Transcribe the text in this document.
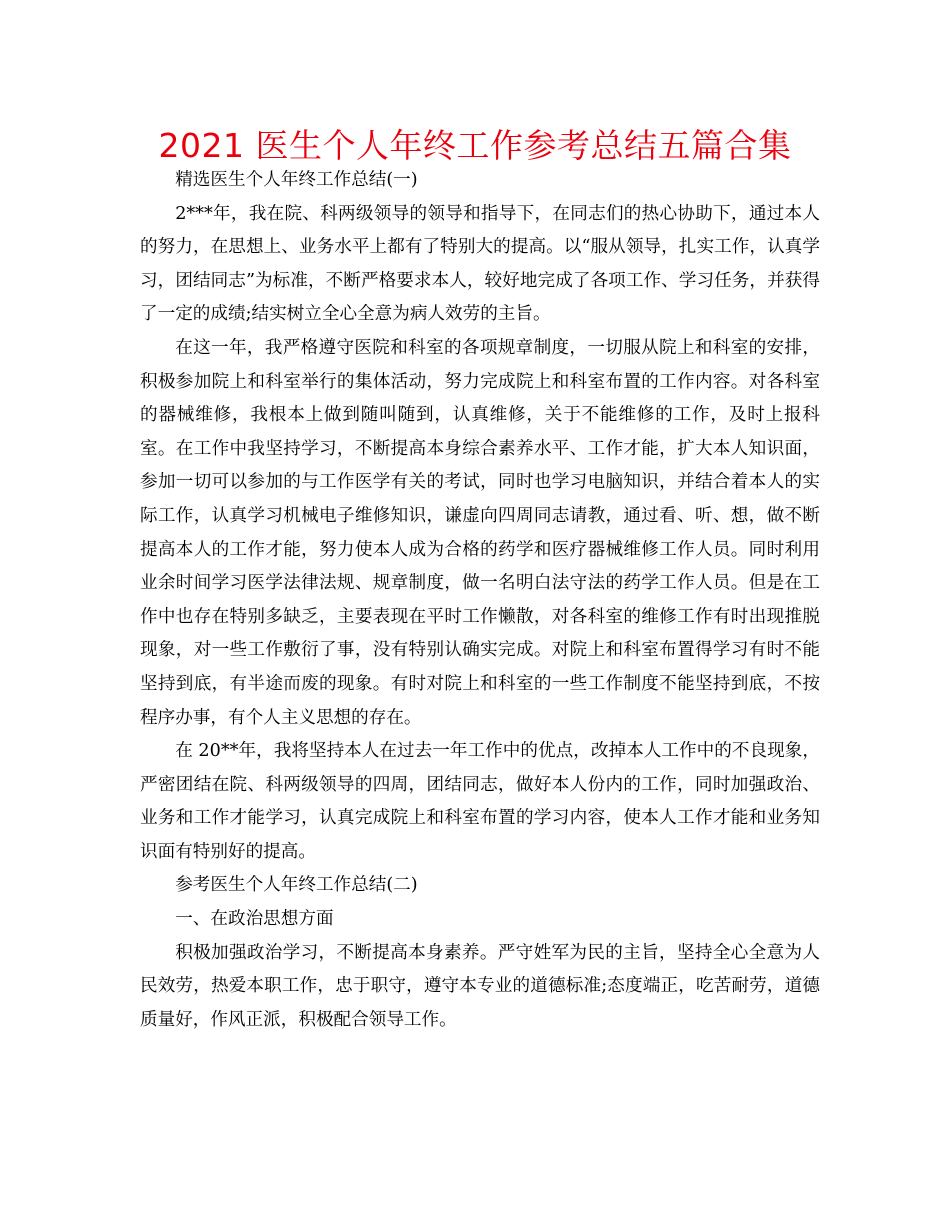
2021 医生个人年终工作参考总结五篇合集

精选医生个人年终工作总结(一)

2***年，我在院、科两级领导的领导和指导下，在同志们的热心协助下，通过本人的努力，在思想上、业务水平上都有了特别大的提高。以“服从领导，扎实工作，认真学习，团结同志”为标准，不断严格要求本人，较好地完成了各项工作、学习任务，并获得了一定的成绩;结实树立全心全意为病人效劳的主旨。

在这一年，我严格遵守医院和科室的各项规章制度，一切服从院上和科室的安排，积极参加院上和科室举行的集体活动，努力完成院上和科室布置的工作内容。对各科室的器械维修，我根本上做到随叫随到，认真维修，关于不能维修的工作，及时上报科室。在工作中我坚持学习，不断提高本身综合素养水平、工作才能，扩大本人知识面，参加一切可以参加的与工作医学有关的考试，同时也学习电脑知识，并结合着本人的实际工作，认真学习机械电子维修知识，谦虚向四周同志请教，通过看、听、想，做不断提高本人的工作才能，努力使本人成为合格的药学和医疗器械维修工作人员。同时利用业余时间学习医学法律法规、规章制度，做一名明白法守法的药学工作人员。但是在工作中也存在特别多缺乏，主要表现在平时工作懒散，对各科室的维修工作有时出现推脱现象，对一些工作敷衍了事，没有特别认确实完成。对院上和科室布置得学习有时不能坚持到底，有半途而废的现象。有时对院上和科室的一些工作制度不能坚持到底，不按程序办事，有个人主义思想的存在。

在 20**年，我将坚持本人在过去一年工作中的优点，改掉本人工作中的不良现象，严密团结在院、科两级领导的四周，团结同志，做好本人份内的工作，同时加强政治、业务和工作才能学习，认真完成院上和科室布置的学习内容，使本人工作才能和业务知识面有特别好的提高。

参考医生个人年终工作总结(二)

一、在政治思想方面

积极加强政治学习，不断提高本身素养。严守姓军为民的主旨，坚持全心全意为人民效劳，热爱本职工作，忠于职守，遵守本专业的道德标准;态度端正，吃苦耐劳，道德质量好，作风正派，积极配合领导工作。
